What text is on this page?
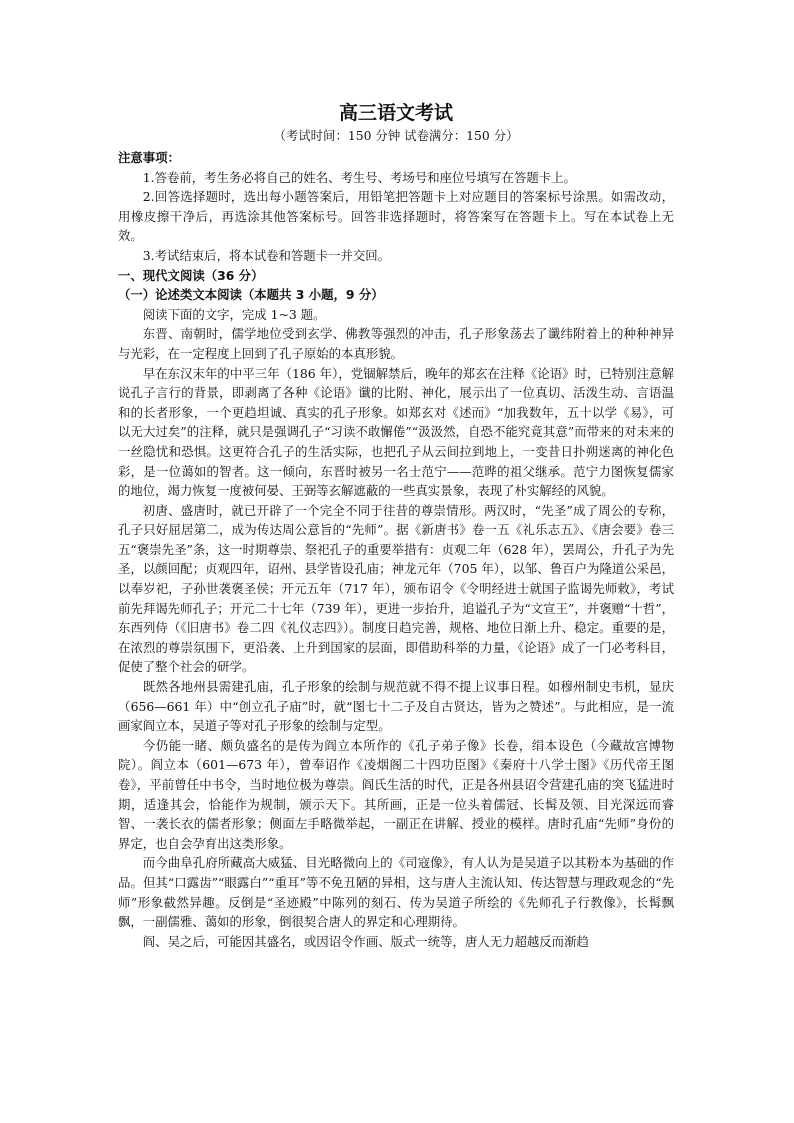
高三语文考试

（考试时间：150 分钟 试卷满分：150 分）

注意事项：

1.答卷前，考生务必将自己的姓名、考生号、考场号和座位号填写在答题卡上。

2.回答选择题时，选出每小题答案后，用铅笔把答题卡上对应题目的答案标号涂黑。如需改动，用橡皮擦干净后，再选涂其他答案标号。回答非选择题时，将答案写在答题卡上。写在本试卷上无效。

3.考试结束后，将本试卷和答题卡一并交回。

一、现代文阅读（36 分）

（一）论述类文本阅读（本题共 3 小题，9 分）

阅读下面的文字，完成 1~3 题。

东晋、南朝时，儒学地位受到玄学、佛教等强烈的冲击，孔子形象荡去了谶纬附着上的种种神异与光彩，在一定程度上回到了孔子原始的本真形貌。

早在东汉末年的中平三年（186 年），党锢解禁后，晚年的郑玄在注释《论语》时，已特别注意解说孔子言行的背景，即剥离了各种《论语》谶的比附、神化，展示出了一位真切、活泼生动、言语温和的长者形象，一个更趋坦诚、真实的孔子形象。如郑玄对《述而》“加我数年，五十以学《易》，可以无大过矣”的注释，就只是强调孔子“习读不敢懈倦”“汲汲然，自恐不能究竟其意”而带来的对未来的一丝隐忧和恐惧。这更符合孔子的生活实际，也把孔子从云间拉到地上，一变昔日扑朔迷离的神化色彩，是一位蔼如的智者。这一倾向，东晋时被另一名士范宁——范晔的祖父继承。范宁力图恢复儒家的地位，竭力恢复一度被何晏、王弼等玄解遮蔽的一些真实景象，表现了朴实解经的风貌。

初唐、盛唐时，就已开辟了一个完全不同于往昔的尊崇情形。两汉时，“先圣”成了周公的专称，孔子只好屈居第二，成为传达周公意旨的“先师”。据《新唐书》卷一五《礼乐志五》、《唐会要》卷三五“褒崇先圣”条，这一时期尊崇、祭祀孔子的重要举措有：贞观二年（628 年），罢周公，升孔子为先圣，以颜回配；贞观四年，诏州、县学皆设孔庙；神龙元年（705 年），以邹、鲁百户为隆道公采邑，以奉岁祀，子孙世袭褒圣侯；开元五年（717 年），颁布诏令《令明经进士就国子监谒先师敕》，考试前先拜谒先师孔子；开元二十七年（739 年），更进一步抬升，追谥孔子为“文宣王”，并褒赠“十哲”，东西列侍（《旧唐书》卷二四《礼仪志四》）。制度日趋完善，规格、地位日渐上升、稳定。重要的是，在浓烈的尊崇氛围下，更沿袭、上升到国家的层面，即借助科举的力量，《论语》成了一门必考科目，促使了整个社会的研学。

既然各地州县需建孔庙，孔子形象的绘制与规范就不得不提上议事日程。如穆州制史韦机，显庆（656—661 年）中“创立孔子庙”时，就“图七十二子及自古贤达，皆为之赞述”。与此相应，是一流画家阎立本，吴道子等对孔子形象的绘制与定型。

今仍能一睹、颇负盛名的是传为阎立本所作的《孔子弟子像》长卷，绢本设色（今藏故宫博物院）。阎立本（601—673 年），曾奉诏作《凌烟阁二十四功臣图》《秦府十八学士图》《历代帝王图卷》，平前曾任中书令，当时地位极为尊崇。阎氏生活的时代，正是各州县诏令营建孔庙的突飞猛进时期，适逢其会，恰能作为规制，颁示天下。其所画，正是一位头着儒冠、长髯及领、目光深远而睿智、一袭长衣的儒者形象；侧面左手略微举起，一副正在讲解、授业的模样。唐时孔庙“先师”身份的界定，也自会孕育出这类形象。

而今曲阜孔府所藏高大威猛、目光略微向上的《司寇像》，有人认为是吴道子以其粉本为基础的作品。但其“口露齿”“眼露白”“重耳”等不免丑陋的异相，这与唐人主流认知、传达智慧与理政观念的“先师”形象截然异趣。反倒是“圣迹殿”中陈列的刻石、传为吴道子所绘的《先师孔子行教像》，长髯飘飘，一副儒雅、蔼如的形象，倒很契合唐人的界定和心理期待。

阎、吴之后，可能因其盛名，或因诏令作画、版式一统等，唐人无力超越反而渐趋
